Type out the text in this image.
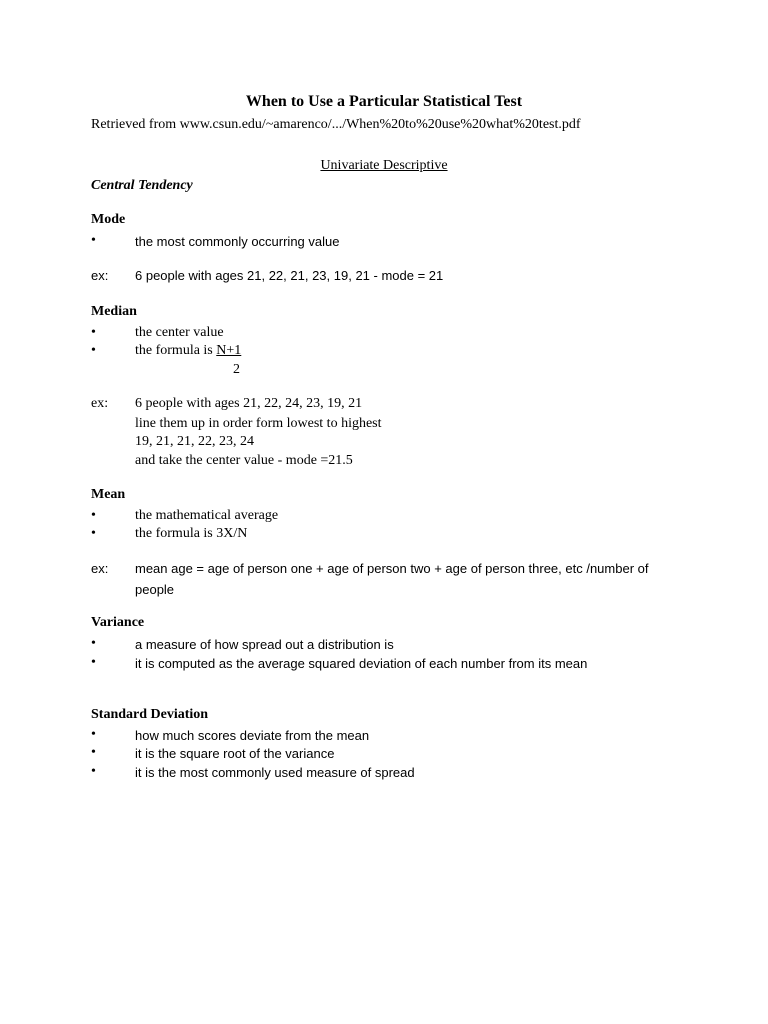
When to Use a Particular Statistical Test
Retrieved from www.csun.edu/~amarenco/.../When%20to%20use%20what%20test.pdf
Univariate Descriptive
Central Tendency
Mode
•	the most commonly occurring value
ex: 6 people with ages 21, 22, 21, 23, 19, 21 - mode = 21
Median
•	the center value
•	the formula is N+1
2
ex: 6 people with ages 21, 22, 24, 23, 19, 21
line them up in order form lowest to highest
19, 21, 21, 22, 23, 24
and take the center value - mode =21.5
Mean
•	the mathematical average
•	the formula is 3X/N
ex: mean age = age of person one + age of person two + age of person three, etc /number of
people
Variance
•	a measure of how spread out a distribution is
•	it is computed as the average squared deviation of each number from its mean
Standard Deviation
•	how much scores deviate from the mean
•	it is the square root of the variance
•	it is the most commonly used measure of spread
